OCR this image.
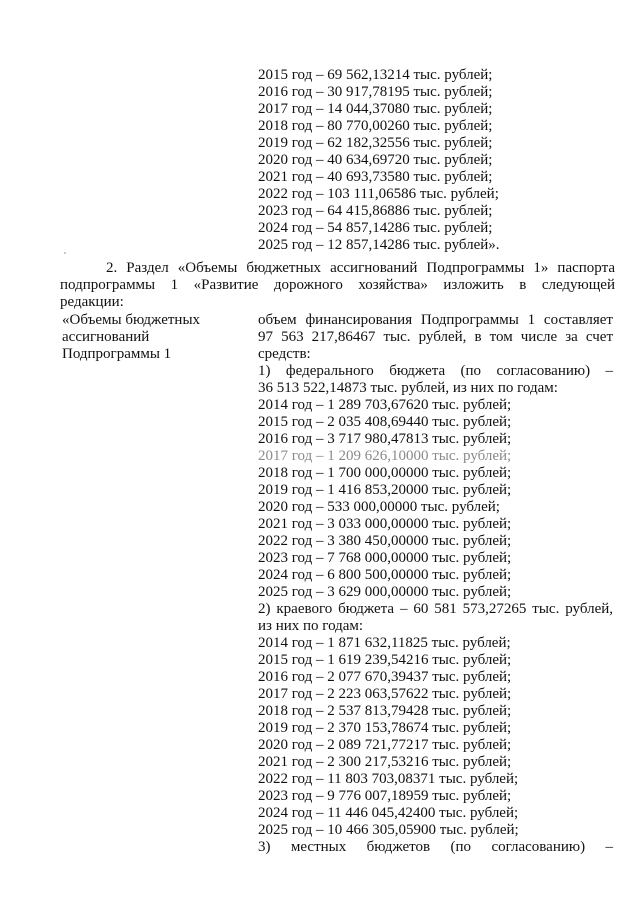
2015 год – 69 562,13214 тыс. рублей;
2016 год – 30 917,78195 тыс. рублей;
2017 год – 14 044,37080 тыс. рублей;
2018 год – 80 770,00260 тыс. рублей;
2019 год – 62 182,32556 тыс. рублей;
2020 год – 40 634,69720 тыс. рублей;
2021 год – 40 693,73580 тыс. рублей;
2022 год – 103 111,06586 тыс. рублей;
2023 год – 64 415,86886 тыс. рублей;
2024 год – 54 857,14286 тыс. рублей;
2025 год – 12 857,14286 тыс. рублей».
2. Раздел «Объемы бюджетных ассигнований Подпрограммы 1» паспорта
подпрограммы 1 «Развитие дорожного хозяйства» изложить в следующей
редакции:
«Объемы бюджетных
ассигнований
Подпрограммы 1
объем финансирования Подпрограммы 1 составляет
97 563 217,86467 тыс. рублей, в том числе за счет
средств:
1) федерального бюджета (по согласованию) –
36 513 522,14873 тыс. рублей, из них по годам:
2014 год – 1 289 703,67620 тыс. рублей;
2015 год – 2 035 408,69440 тыс. рублей;
2016 год – 3 717 980,47813 тыс. рублей;
2017 год – 1 209 626,10000 тыс. рублей;
2018 год – 1 700 000,00000 тыс. рублей;
2019 год – 1 416 853,20000 тыс. рублей;
2020 год – 533 000,00000 тыс. рублей;
2021 год – 3 033 000,00000 тыс. рублей;
2022 год – 3 380 450,00000 тыс. рублей;
2023 год – 7 768 000,00000 тыс. рублей;
2024 год – 6 800 500,00000 тыс. рублей;
2025 год – 3 629 000,00000 тыс. рублей;
2) краевого бюджета – 60 581 573,27265 тыс. рублей,
из них по годам:
2014 год – 1 871 632,11825 тыс. рублей;
2015 год – 1 619 239,54216 тыс. рублей;
2016 год – 2 077 670,39437 тыс. рублей;
2017 год – 2 223 063,57622 тыс. рублей;
2018 год – 2 537 813,79428 тыс. рублей;
2019 год – 2 370 153,78674 тыс. рублей;
2020 год – 2 089 721,77217 тыс. рублей;
2021 год – 2 300 217,53216 тыс. рублей;
2022 год – 11 803 703,08371 тыс. рублей;
2023 год – 9 776 007,18959 тыс. рублей;
2024 год – 11 446 045,42400 тыс. рублей;
2025 год – 10 466 305,05900 тыс. рублей;
3) местных бюджетов (по согласованию) –
